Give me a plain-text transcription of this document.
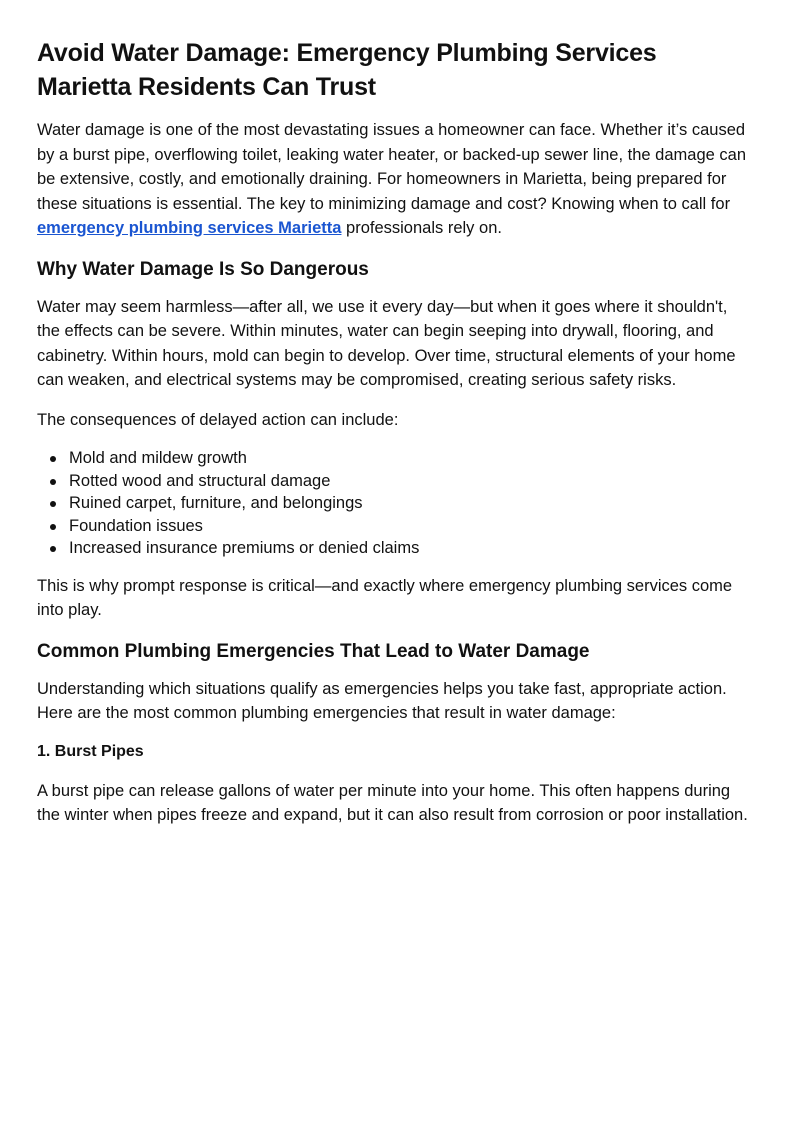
Avoid Water Damage: Emergency Plumbing Services Marietta Residents Can Trust

Water damage is one of the most devastating issues a homeowner can face. Whether it’s caused by a burst pipe, overflowing toilet, leaking water heater, or backed-up sewer line, the damage can be extensive, costly, and emotionally draining. For homeowners in Marietta, being prepared for these situations is essential. The key to minimizing damage and cost? Knowing when to call for emergency plumbing services Marietta professionals rely on.

Why Water Damage Is So Dangerous

Water may seem harmless—after all, we use it every day—but when it goes where it shouldn't, the effects can be severe. Within minutes, water can begin seeping into drywall, flooring, and cabinetry. Within hours, mold can begin to develop. Over time, structural elements of your home can weaken, and electrical systems may be compromised, creating serious safety risks.

The consequences of delayed action can include:

Mold and mildew growth
Rotted wood and structural damage
Ruined carpet, furniture, and belongings
Foundation issues
Increased insurance premiums or denied claims

This is why prompt response is critical—and exactly where emergency plumbing services come into play.

Common Plumbing Emergencies That Lead to Water Damage

Understanding which situations qualify as emergencies helps you take fast, appropriate action. Here are the most common plumbing emergencies that result in water damage:

1. Burst Pipes

A burst pipe can release gallons of water per minute into your home. This often happens during the winter when pipes freeze and expand, but it can also result from corrosion or poor installation.
